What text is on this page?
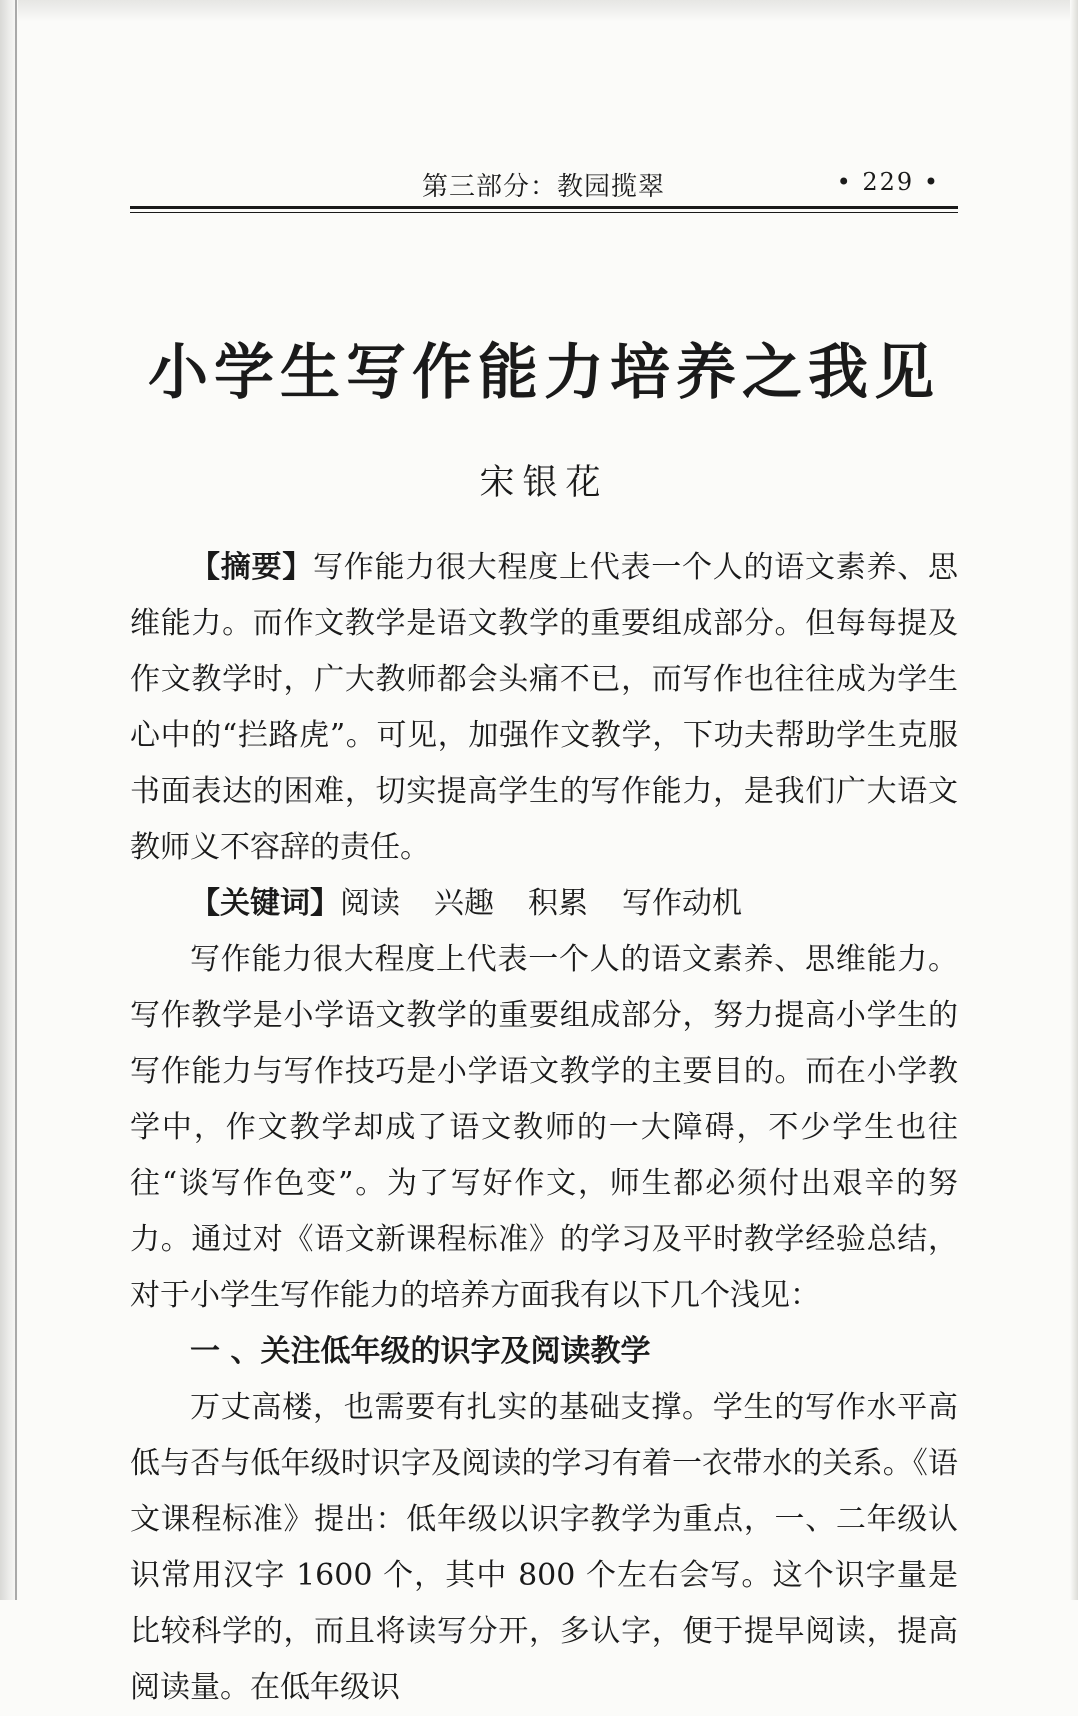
第三部分：教园揽翠	• 229 •
小学生写作能力培养之我见
宋银花

【摘要】写作能力很大程度上代表一个人的语文素养、思维能力。而作文教学是语文教学的重要组成部分。但每每提及作文教学时，广大教师都会头痛不已，而写作也往往成为学生心中的“拦路虎”。可见，加强作文教学，下功夫帮助学生克服书面表达的困难，切实提高学生的写作能力，是我们广大语文教师义不容辞的责任。

【关键词】阅读 兴趣 积累 写作动机

写作能力很大程度上代表一个人的语文素养、思维能力。写作教学是小学语文教学的重要组成部分，努力提高小学生的写作能力与写作技巧是小学语文教学的主要目的。而在小学教学中，作文教学却成了语文教师的一大障碍，不少学生也往往“谈写作色变”。为了写好作文，师生都必须付出艰辛的努力。通过对《语文新课程标准》的学习及平时教学经验总结，对于小学生写作能力的培养方面我有以下几个浅见：

一 、关注低年级的识字及阅读教学

万丈高楼，也需要有扎实的基础支撑。学生的写作水平高低与否与低年级时识字及阅读的学习有着一衣带水的关系。《语文课程标准》提出：低年级以识字教学为重点，一、二年级认识常用汉字 1600 个，其中 800 个左右会写。这个识字量是比较科学的，而且将读写分开，多认字，便于提早阅读，提高阅读量。在低年级识
